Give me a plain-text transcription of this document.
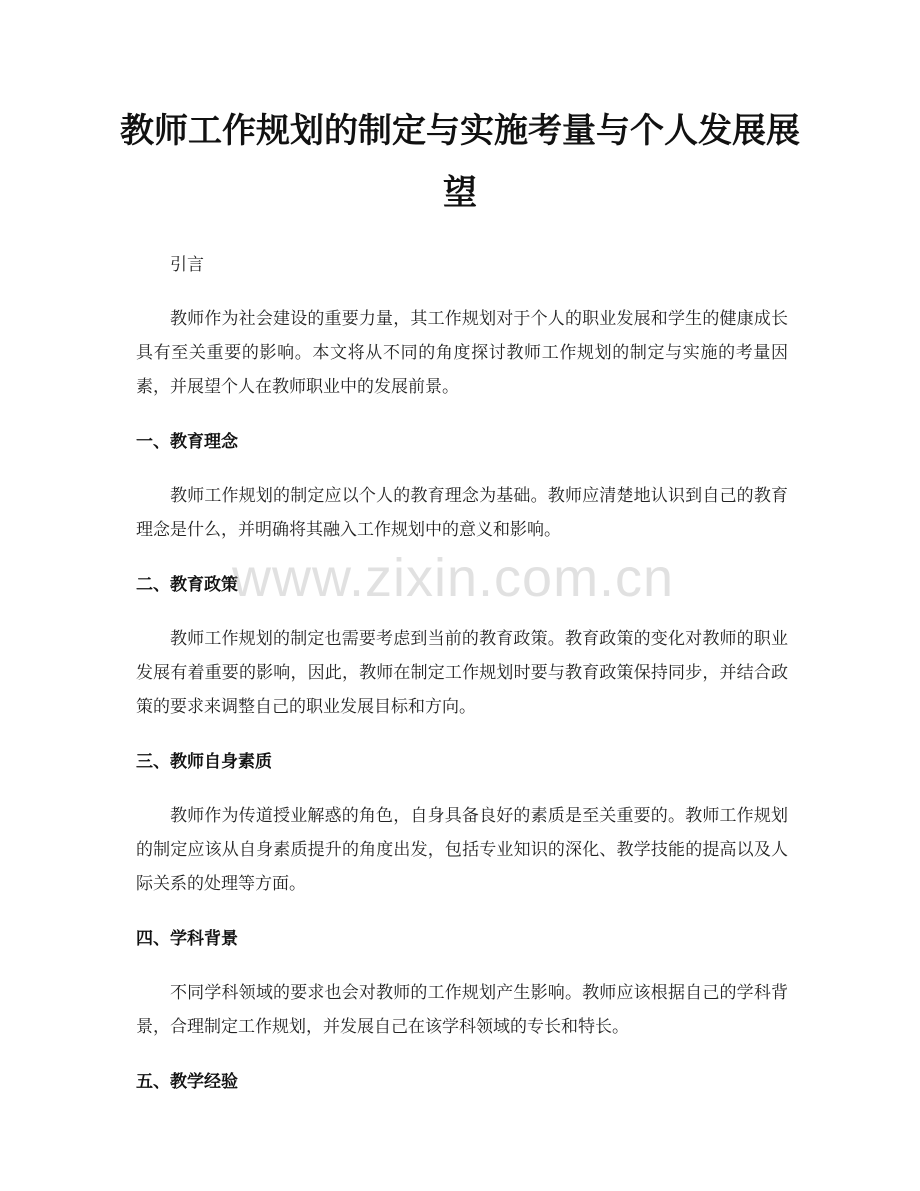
教师工作规划的制定与实施考量与个人发展展望

引言

教师作为社会建设的重要力量，其工作规划对于个人的职业发展和学生的健康成长具有至关重要的影响。本文将从不同的角度探讨教师工作规划的制定与实施的考量因素，并展望个人在教师职业中的发展前景。

一、教育理念

教师工作规划的制定应以个人的教育理念为基础。教师应清楚地认识到自己的教育理念是什么，并明确将其融入工作规划中的意义和影响。

二、教育政策

教师工作规划的制定也需要考虑到当前的教育政策。教育政策的变化对教师的职业发展有着重要的影响，因此，教师在制定工作规划时要与教育政策保持同步，并结合政策的要求来调整自己的职业发展目标和方向。

三、教师自身素质

教师作为传道授业解惑的角色，自身具备良好的素质是至关重要的。教师工作规划的制定应该从自身素质提升的角度出发，包括专业知识的深化、教学技能的提高以及人际关系的处理等方面。

四、学科背景

不同学科领域的要求也会对教师的工作规划产生影响。教师应该根据自己的学科背景，合理制定工作规划，并发展自己在该学科领域的专长和特长。

五、教学经验
www.zixin.com.cn
